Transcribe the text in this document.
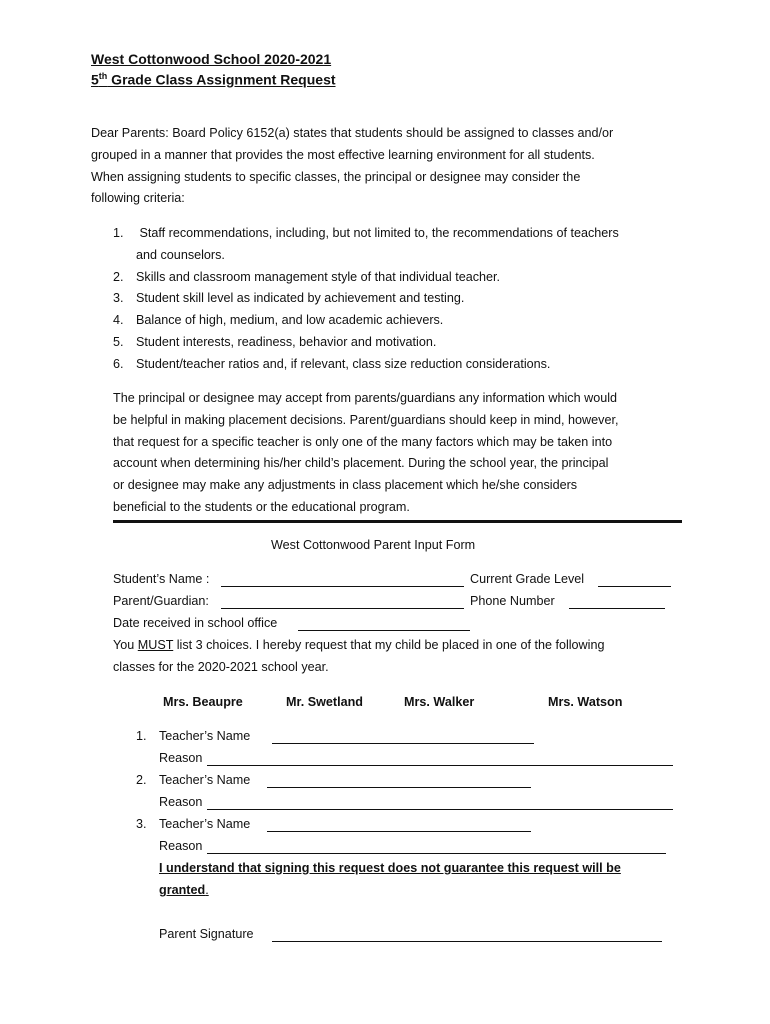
West Cottonwood School 2020-2021
5th Grade Class Assignment Request
Dear Parents: Board Policy 6152(a) states that students should be assigned to classes and/or
grouped in a manner that provides the most effective learning environment for all students.
When assigning students to specific classes, the principal or designee may consider the
following criteria:
1. Staff recommendations, including, but not limited to, the recommendations of teachers
and counselors.
2. Skills and classroom management style of that individual teacher.
3. Student skill level as indicated by achievement and testing.
4. Balance of high, medium, and low academic achievers.
5. Student interests, readiness, behavior and motivation.
6. Student/teacher ratios and, if relevant, class size reduction considerations.
The principal or designee may accept from parents/guardians any information which would
be helpful in making placement decisions. Parent/guardians should keep in mind, however,
that request for a specific teacher is only one of the many factors which may be taken into
account when determining his/her child’s placement. During the school year, the principal
or designee may make any adjustments in class placement which he/she considers
beneficial to the students or the educational program.
West Cottonwood Parent Input Form
Student’s Name :	Current Grade Level
Parent/Guardian:	Phone Number
Date received in school office
You MUST list 3 choices. I hereby request that my child be placed in one of the following
classes for the 2020-2021 school year.
Mrs. Beaupre	Mr. Swetland	Mrs. Walker	Mrs. Watson
1. Teacher’s Name
Reason
2. Teacher’s Name
Reason
3. Teacher’s Name
Reason
I understand that signing this request does not guarantee this request will be
granted.
Parent Signature
